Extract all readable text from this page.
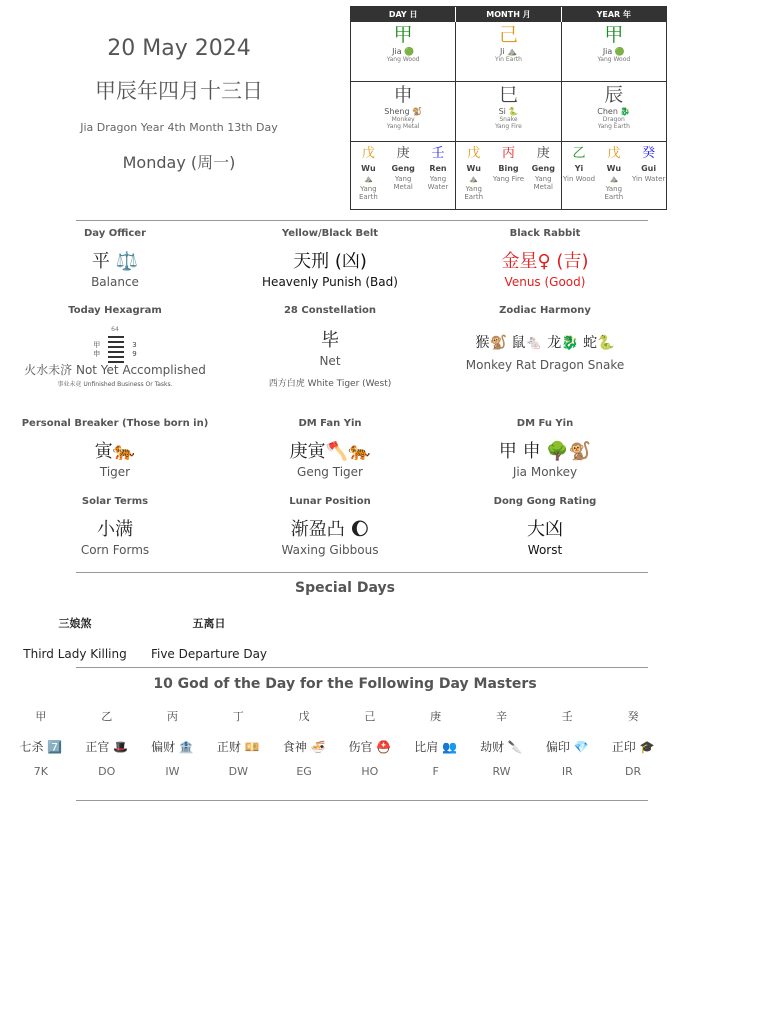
20 May 2024
甲辰年四月十三日
Jia Dragon Year 4th Month 13th Day
Monday (周一)
DAY 日	MONTH 月	YEAR 年
甲
Jia 🟢
Yang Wood
申
Sheng 🐒
Monkey
Yang Metal
戊
Wu
⛰️
Yang Earth
庚
Geng
Yang Metal
壬
Ren
Yang Water
己
Ji ⛰️
Yin Earth
巳
Si 🐍
Snake
Yang Fire
戊
Wu
⛰️
Yang Earth
丙
Bing
Yang Fire
庚
Geng
Yang Metal
甲
Jia 🟢
Yang Wood
辰
Chen 🐉
Dragon
Yang Earth
乙
Yi
Yin Wood
戊
Wu
⛰️
Yang Earth
癸
Gui
Yin Water
Day Officer
平 ⚖️
Balance
Yellow/Black Belt
天刑 (凶)
Heavenly Punish (Bad)
Black Rabbit
金星♀ (吉)
Venus (Good)
Today Hexagram
64
甲
申
3
9
火水未济 Not Yet Accomplished
事业未竟 Unfinished Business Or Tasks.
28 Constellation
毕
Net
西方白虎 White Tiger (West)
Zodiac Harmony
猴🐒 鼠🐁 龙🐉 蛇🐍
Monkey Rat Dragon Snake
Personal Breaker (Those born in)
寅🐅
Tiger
DM Fan Yin
庚寅🪓🐅
Geng Tiger
DM Fu Yin
甲 申 🌳🐒
Jia Monkey
Solar Terms
小满
Corn Forms
Lunar Position
渐盈凸 🌔
Waxing Gibbous
Dong Gong Rating
大凶
Worst
Special Days
三娘煞
Third Lady Killing
五离日
Five Departure Day
10 God of the Day for the Following Day Masters
甲
七杀 7️⃣
7K
乙
正官 🎩
DO
丙
偏财 🏦
IW
丁
正财 💴
DW
戊
食神 🍜
EG
己
伤官 ⛑️
HO
庚
比肩 👥
F
辛
劫财 🔪
RW
壬
偏印 💎
IR
癸
正印 🎓
DR
